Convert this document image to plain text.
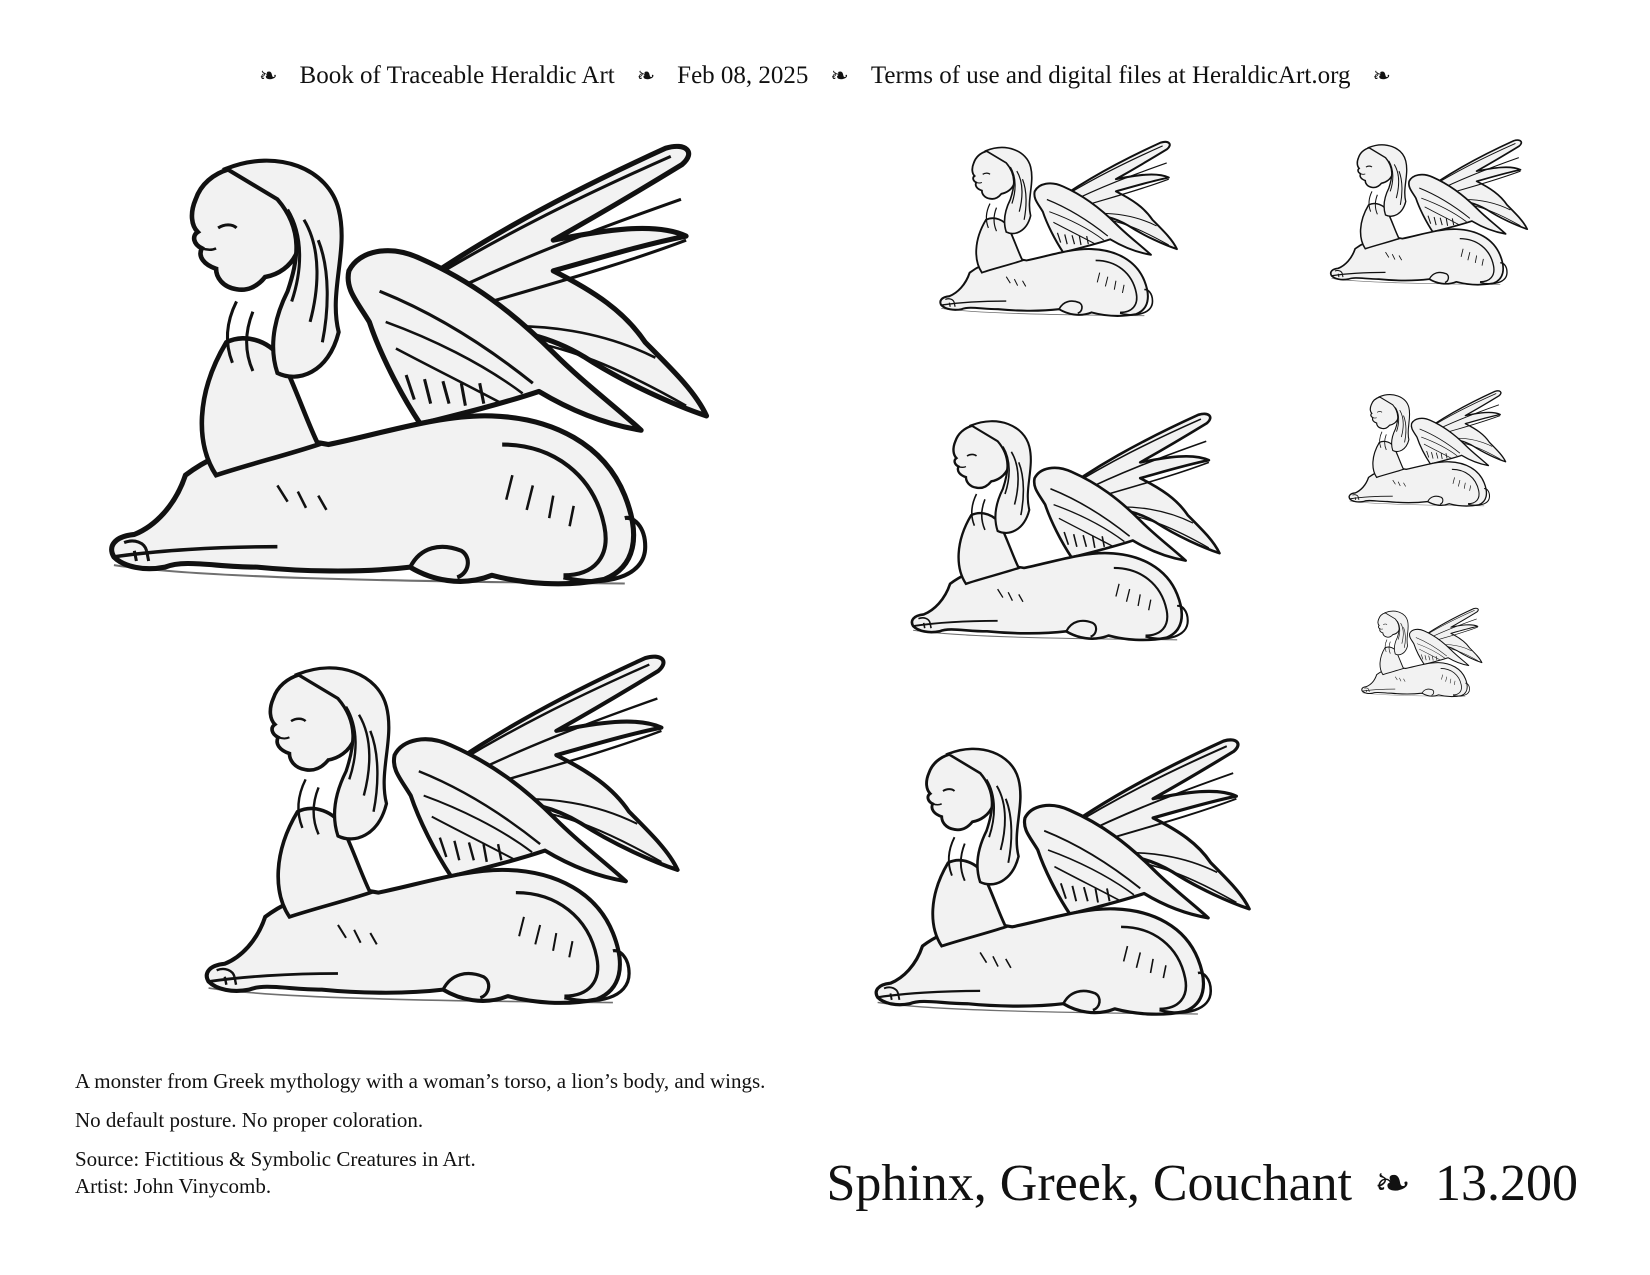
❧ Book of Traceable Heraldic Art ❧ Feb 08, 2025 ❧ Terms of use and digital files at HeraldicArt.org ❧

A monster from Greek mythology with a woman’s torso, a lion’s body, and wings.

No default posture. No proper coloration.

Source: Fictitious & Symbolic Creatures in Art.

Artist: John Vinycomb.	Sphinx, Greek, Couchant ❧ 13.200
